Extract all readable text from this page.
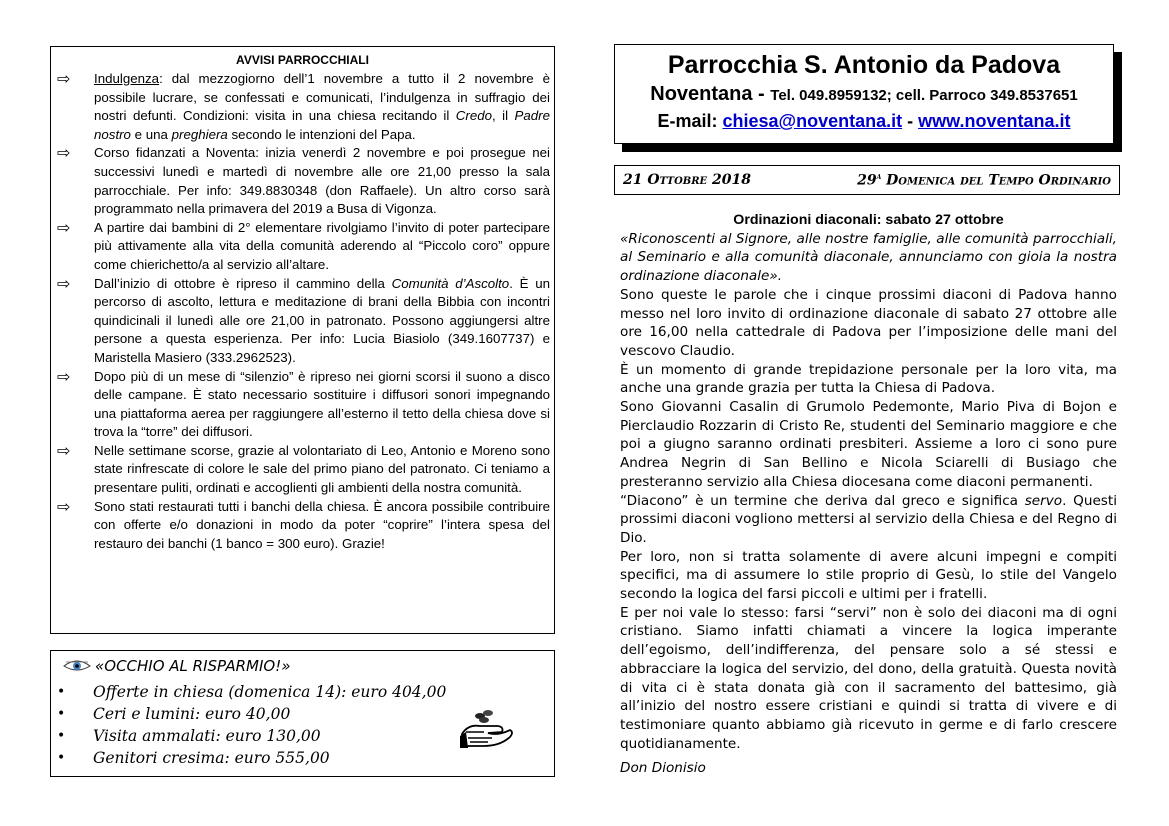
AVVISI PARROCCHIALI
⇨ Indulgenza: dal mezzogiorno dell’1 novembre a tutto il 2 novembre è possibile lucrare, se confessati e comunicati, l’indulgenza in suffragio dei nostri defunti. Condizioni: visita in una chiesa recitando il Credo, il Padre nostro e una preghiera secondo le intenzioni del Papa.
⇨ Corso fidanzati a Noventa: inizia venerdì 2 novembre e poi prosegue nei successivi lunedì e martedì di novembre alle ore 21,00 presso la sala parrocchiale. Per info: 349.8830348 (don Raffaele). Un altro corso sarà programmato nella primavera del 2019 a Busa di Vigonza.
⇨ A partire dai bambini di 2° elementare rivolgiamo l’invito di poter partecipare più attivamente alla vita della comunità aderendo al “Piccolo coro” oppure come chierichetto/a al servizio all’altare.
⇨ Dall’inizio di ottobre è ripreso il cammino della Comunità d’Ascolto. È un percorso di ascolto, lettura e meditazione di brani della Bibbia con incontri quindicinali il lunedì alle ore 21,00 in patronato. Possono aggiungersi altre persone a questa esperienza. Per info: Lucia Biasiolo (349.1607737) e Maristella Masiero (333.2962523).
⇨ Dopo più di un mese di “silenzio” è ripreso nei giorni scorsi il suono a disco delle campane. È stato necessario sostituire i diffusori sonori impegnando una piattaforma aerea per raggiungere all’esterno il tetto della chiesa dove si trova la “torre” dei diffusori.
⇨ Nelle settimane scorse, grazie al volontariato di Leo, Antonio e Moreno sono state rinfrescate di colore le sale del primo piano del patronato. Ci teniamo a presentare puliti, ordinati e accoglienti gli ambienti della nostra comunità.
⇨ Sono stati restaurati tutti i banchi della chiesa. È ancora possibile contribuire con offerte e/o donazioni in modo da poter “coprire” l’intera spesa del restauro dei banchi (1 banco = 300 euro). Grazie!
«OCCHIO AL RISPARMIO!»
• Offerte in chiesa (domenica 14): euro 404,00
• Ceri e lumini: euro 40,00
• Visita ammalati: euro 130,00
• Genitori cresima: euro 555,00
Parrocchia S. Antonio da Padova
Noventana - Tel. 049.8959132; cell. Parroco 349.8537651
E-mail: chiesa@noventana.it - www.noventana.it
21 Ottobre 2018	29$^a$ Domenica del Tempo Ordinario
Ordinazioni diaconali: sabato 27 ottobre

«Riconoscenti al Signore, alle nostre famiglie, alle comunità parrocchiali, al Seminario e alla comunità diaconale, annunciamo con gioia la nostra ordinazione diaconale».

Sono queste le parole che i cinque prossimi diaconi di Padova hanno messo nel loro invito di ordinazione diaconale di sabato 27 ottobre alle ore 16,00 nella cattedrale di Padova per l’imposizione delle mani del vescovo Claudio.

È un momento di grande trepidazione personale per la loro vita, ma anche una grande grazia per tutta la Chiesa di Padova.

Sono Giovanni Casalin di Grumolo Pedemonte, Mario Piva di Bojon e Pierclaudio Rozzarin di Cristo Re, studenti del Seminario maggiore e che poi a giugno saranno ordinati presbiteri. Assieme a loro ci sono pure Andrea Negrin di San Bellino e Nicola Sciarelli di Busiago che presteranno servizio alla Chiesa diocesana come diaconi permanenti.

“Diacono” è un termine che deriva dal greco e significa servo. Questi prossimi diaconi vogliono mettersi al servizio della Chiesa e del Regno di Dio.

Per loro, non si tratta solamente di avere alcuni impegni e compiti specifici, ma di assumere lo stile proprio di Gesù, lo stile del Vangelo secondo la logica del farsi piccoli e ultimi per i fratelli.

E per noi vale lo stesso: farsi “servi” non è solo dei diaconi ma di ogni cristiano. Siamo infatti chiamati a vincere la logica imperante dell’egoismo, dell’indifferenza, del pensare solo a sé stessi e abbracciare la logica del servizio, del dono, della gratuità. Questa novità di vita ci è stata donata già con il sacramento del battesimo, già all’inizio del nostro essere cristiani e quindi si tratta di vivere e di testimoniare quanto abbiamo già ricevuto in germe e di farlo crescere quotidianamente.

Don Dionisio
